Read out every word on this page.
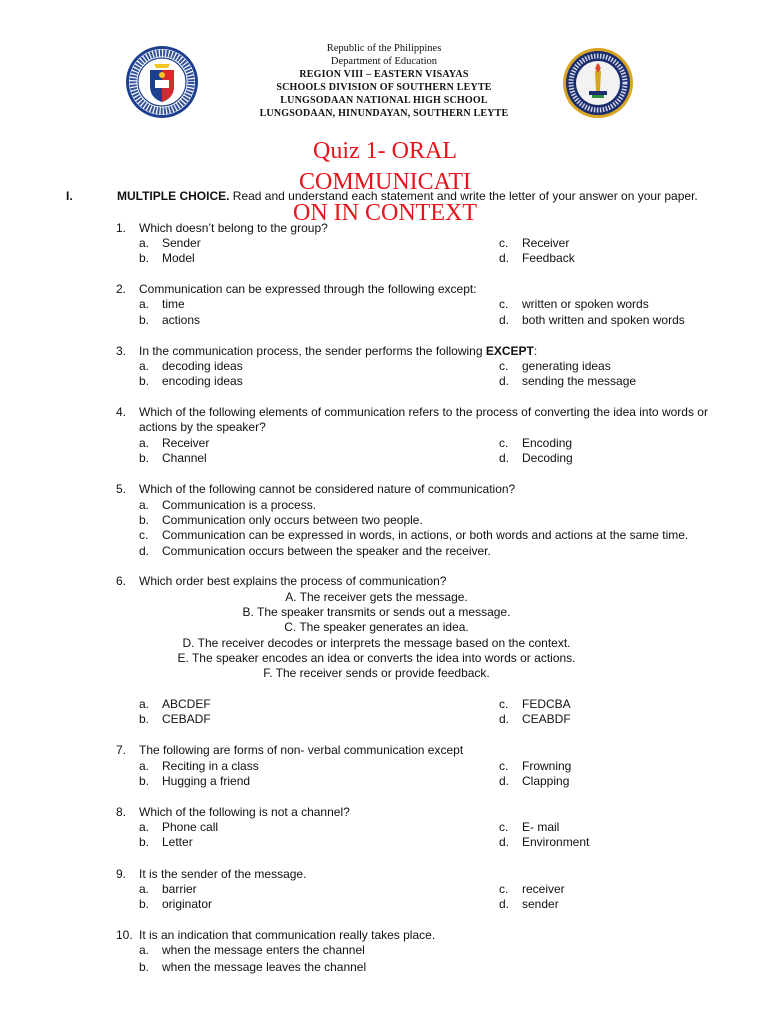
Republic of the Philippines
Department of Education
REGION VIII – EASTERN VISAYAS
SCHOOLS DIVISION OF SOUTHERN LEYTE
LUNGSODAAN NATIONAL HIGH SCHOOL
LUNGSODAAN, HINUNDAYAN, SOUTHERN LEYTE
Quiz 1- ORAL
COMMUNICATI
ON IN CONTEXT
I.	MULTIPLE CHOICE. Read and understand each statement and write the letter of your answer on your paper.
1. Which doesn’t belong to the group?
a. Sender
b. Model
c. Receiver
d. Feedback
2. Communication can be expressed through the following except:
a. time
b. actions
c. written or spoken words
d. both written and spoken words
3. In the communication process, the sender performs the following EXCEPT:
a. decoding ideas
b. encoding ideas
c. generating ideas
d. sending the message
4. Which of the following elements of communication refers to the process of converting the idea into words or
actions by the speaker?
a. Receiver
b. Channel
c. Encoding
d. Decoding
5. Which of the following cannot be considered nature of communication?
a. Communication is a process.
b. Communication only occurs between two people.
c. Communication can be expressed in words, in actions, or both words and actions at the same time.
d. Communication occurs between the speaker and the receiver.
6. Which order best explains the process of communication?
A. The receiver gets the message.
B. The speaker transmits or sends out a message.
C. The speaker generates an idea.
D. The receiver decodes or interprets the message based on the context.
E. The speaker encodes an idea or converts the idea into words or actions.
F. The receiver sends or provide feedback.
a. ABCDEF
b. CEBADF
c. FEDCBA
d. CEABDF
7. The following are forms of non- verbal communication except
a. Reciting in a class
b. Hugging a friend
c. Frowning
d. Clapping
8. Which of the following is not a channel?
a. Phone call
b. Letter
c. E- mail
d. Environment
9. It is the sender of the message.
a. barrier
b. originator
c. receiver
d. sender
10. It is an indication that communication really takes place.
a. when the message enters the channel
b. when the message leaves the channel
